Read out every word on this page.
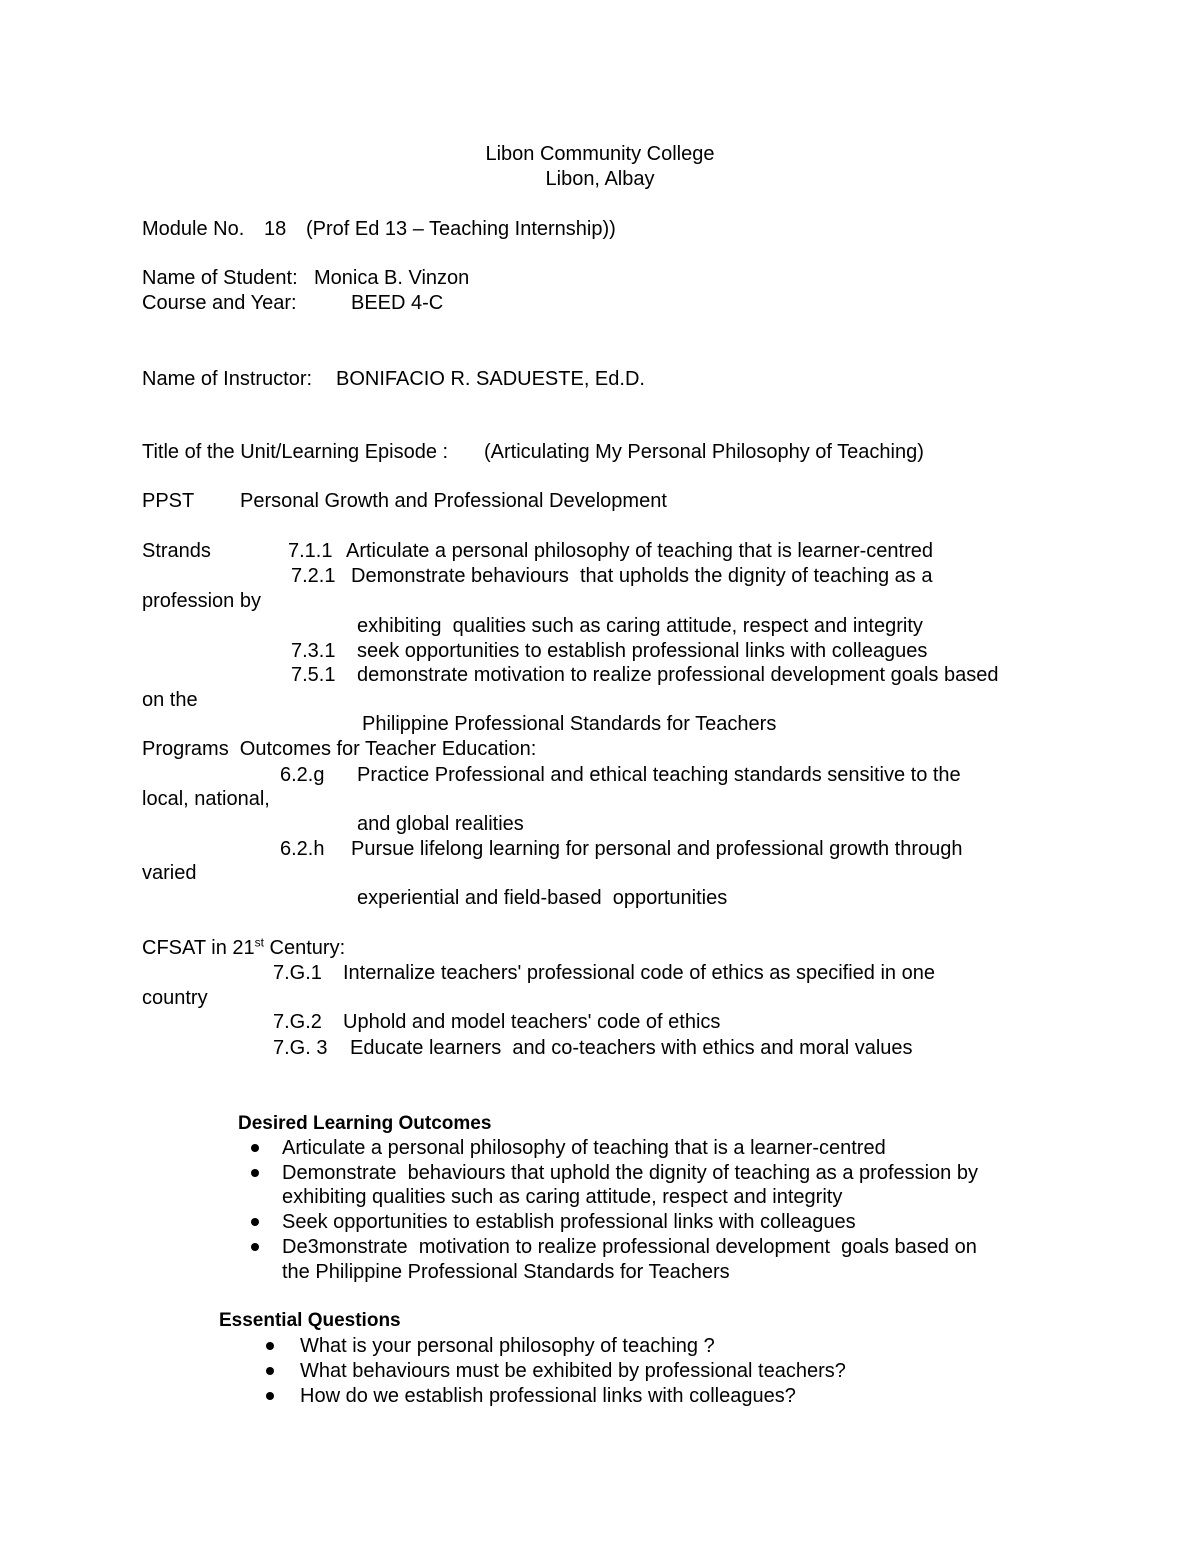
Libon Community College
Libon, Albay
Module No. 18 (Prof Ed 13 – Teaching Internship))
Name of Student: Monica B. Vinzon
Course and Year:	BEED 4-C
Name of Instructor: BONIFACIO R. SADUESTE, Ed.D.
Title of the Unit/Learning Episode : (Articulating My Personal Philosophy of Teaching)
PPST Personal Growth and Professional Development
Strands	7.1.1 Articulate a personal philosophy of teaching that is learner-centred
7.2.1 Demonstrate behaviours  that upholds the dignity of teaching as a
profession by
exhibiting  qualities such as caring attitude, respect and integrity
7.3.1 seek opportunities to establish professional links with colleagues
7.5.1 demonstrate motivation to realize professional development goals based
on the
Philippine Professional Standards for Teachers
Programs  Outcomes for Teacher Education:
6.2.g Practice Professional and ethical teaching standards sensitive to the
local, national,
and global realities
6.2.h Pursue lifelong learning for personal and professional growth through
varied
experiential and field-based  opportunities
CFSAT in 21st Century:
7.G.1 Internalize teachers' professional code of ethics as specified in one
country
7.G.2 Uphold and model teachers' code of ethics
7.G. 3 Educate learners  and co-teachers with ethics and moral values
Desired Learning Outcomes
Articulate a personal philosophy of teaching that is a learner-centred
Demonstrate  behaviours that uphold the dignity of teaching as a profession by
exhibiting qualities such as caring attitude, respect and integrity
Seek opportunities to establish professional links with colleagues
De3monstrate  motivation to realize professional development  goals based on
the Philippine Professional Standards for Teachers
Essential Questions
What is your personal philosophy of teaching ?
What behaviours must be exhibited by professional teachers?
How do we establish professional links with colleagues?
